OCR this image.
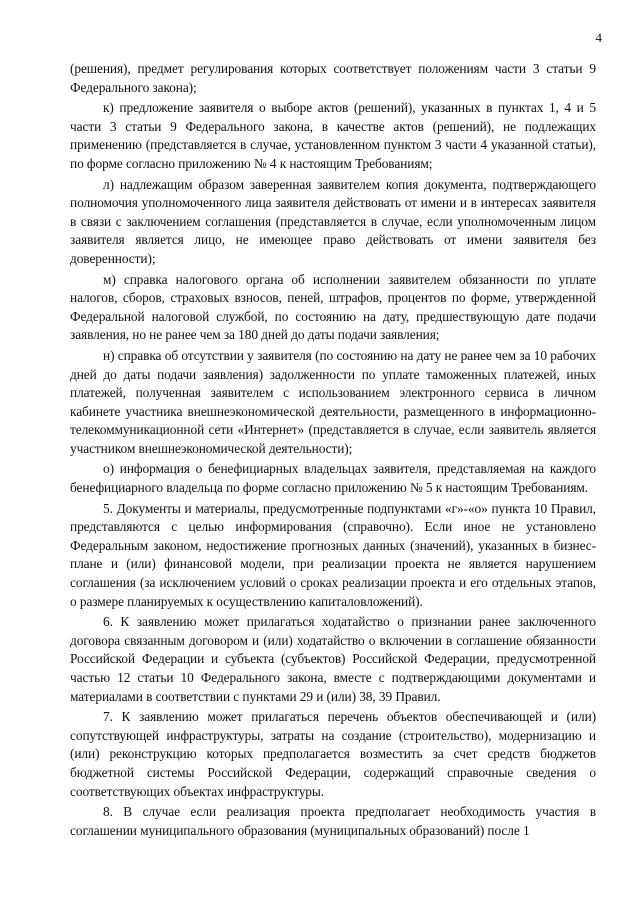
4

(решения), предмет регулирования которых соответствует положениям части 3 статьи 9 Федерального закона);

к) предложение заявителя о выборе актов (решений), указанных в пунктах 1, 4 и 5 части 3 статьи 9 Федерального закона, в качестве актов (решений), не подлежащих применению (представляется в случае, установленном пунктом 3 части 4 указанной статьи), по форме согласно приложению № 4 к настоящим Требованиям;

л) надлежащим образом заверенная заявителем копия документа, подтверждающего полномочия уполномоченного лица заявителя действовать от имени и в интересах заявителя в связи с заключением соглашения (представляется в случае, если уполномоченным лицом заявителя является лицо, не имеющее право действовать от имени заявителя без доверенности);

м) справка налогового органа об исполнении заявителем обязанности по уплате налогов, сборов, страховых взносов, пеней, штрафов, процентов по форме, утвержденной Федеральной налоговой службой, по состоянию на дату, предшествующую дате подачи заявления, но не ранее чем за 180 дней до даты подачи заявления;

н) справка об отсутствии у заявителя (по состоянию на дату не ранее чем за 10 рабочих дней до даты подачи заявления) задолженности по уплате таможенных платежей, иных платежей, полученная заявителем с использованием электронного сервиса в личном кабинете участника внешнеэкономической деятельности, размещенного в информационно-телекоммуникационной сети «Интернет» (представляется в случае, если заявитель является участником внешнеэкономической деятельности);

о) информация о бенефициарных владельцах заявителя, представляемая на каждого бенефициарного владельца по форме согласно приложению № 5 к настоящим Требованиям.

5. Документы и материалы, предусмотренные подпунктами «г»-«о» пункта 10 Правил, представляются с целью информирования (справочно). Если иное не установлено Федеральным законом, недостижение прогнозных данных (значений), указанных в бизнес-плане и (или) финансовой модели, при реализации проекта не является нарушением соглашения (за исключением условий о сроках реализации проекта и его отдельных этапов, о размере планируемых к осуществлению капиталовложений).

6. К заявлению может прилагаться ходатайство о признании ранее заключенного договора связанным договором и (или) ходатайство о включении в соглашение обязанности Российской Федерации и субъекта (субъектов) Российской Федерации, предусмотренной частью 12 статьи 10 Федерального закона, вместе с подтверждающими документами и материалами в соответствии с пунктами 29 и (или) 38, 39 Правил.

7. К заявлению может прилагаться перечень объектов обеспечивающей и (или) сопутствующей инфраструктуры, затраты на создание (строительство), модернизацию и (или) реконструкцию которых предполагается возместить за счет средств бюджетов бюджетной системы Российской Федерации, содержащий справочные сведения о соответствующих объектах инфраструктуры.

8. В случае если реализация проекта предполагает необходимость участия в соглашении муниципального образования (муниципальных образований) после 1
